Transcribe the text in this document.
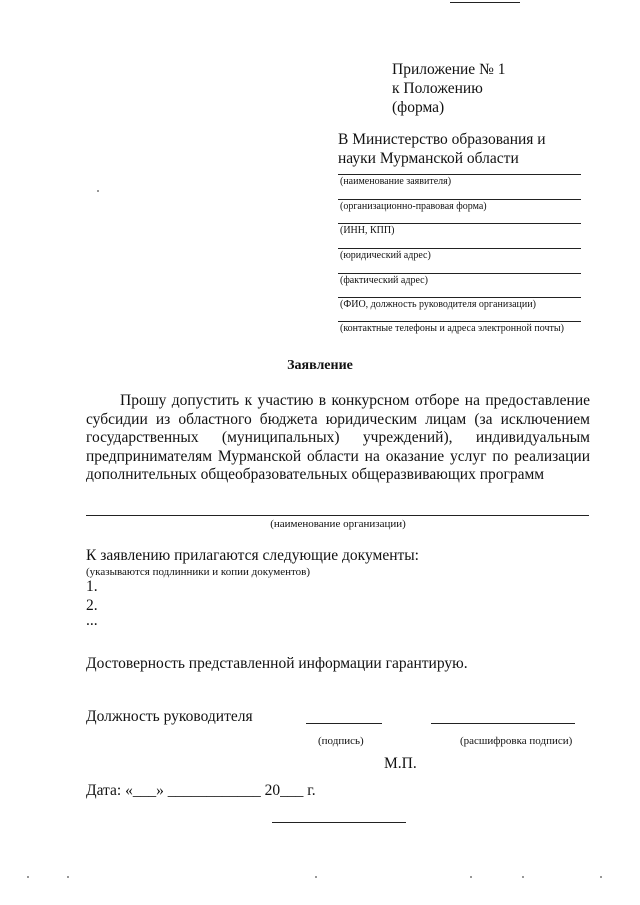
Приложение № 1
к Положению
(форма)
В Министерство образования и
науки Мурманской области
(наименование заявителя)
(организационно-правовая форма)
(ИНН, КПП)
(юридический адрес)
(фактический адрес)
(ФИО, должность руководителя организации)
(контактные телефоны и адреса электронной почты)
Заявление
Прошу допустить к участию в конкурсном отборе на предоставление субсидии из областного бюджета юридическим лицам (за исключением государственных (муниципальных) учреждений), индивидуальным предпринимателям Мурманской области на оказание услуг по реализации дополнительных общеобразовательных общеразвивающих программ
(наименование организации)
К заявлению прилагаются следующие документы:
(указываются подлинники и копии документов)
1.
2.
...
Достоверность представленной информации гарантирую.
Должность руководителя
(подпись)	(расшифровка подписи)
М.П.
Дата: «___» ____________ 20___ г.
